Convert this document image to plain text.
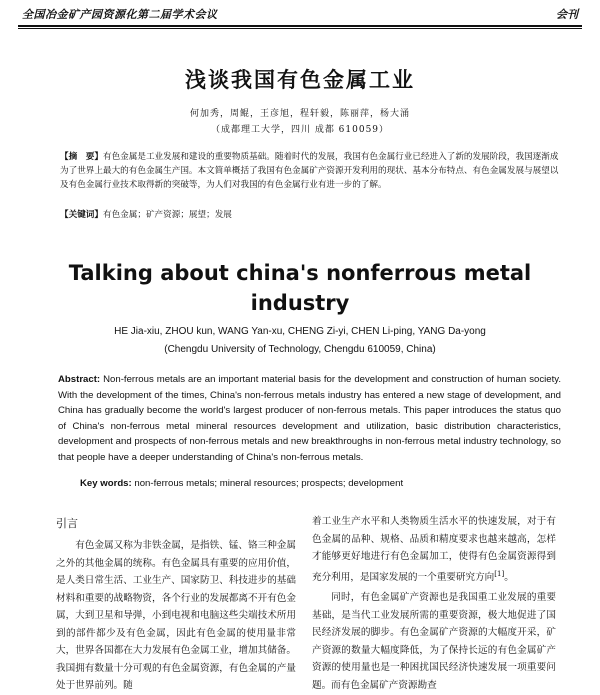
全国冶金矿产园资源化第二届学术会议	会刊
浅谈我国有色金属工业
何加秀，周鲲，王彦旭，程轩毅，陈丽萍，杨大涌
（成都理工大学，四川 成都 610059）
【摘　要】有色金属是工业发展和建设的重要物质基础。随着时代的发展，我国有色金属行业已经进入了新的发展阶段，我国逐渐成为了世界上最大的有色金属生产国。本文简单概括了我国有色金属矿产资源开发利用的现状、基本分布特点、有色金属发展与展望以及有色金属行业技术取得新的突破等，为人们对我国的有色金属行业有进一步的了解。
【关键词】有色金属；矿产资源；展望；发展
Talking about china's nonferrous metal industry
HE Jia-xiu, ZHOU kun, WANG Yan-xu, CHENG Zi-yi, CHEN Li-ping, YANG Da-yong
(Chengdu University of Technology, Chengdu 610059, China)
Abstract: Non-ferrous metals are an important material basis for the development and construction of human society. With the development of the times, China's non-ferrous metals industry has entered a new stage of development, and China has gradually become the world's largest producer of non-ferrous metals. This paper introduces the status quo of China's non-ferrous metal mineral resources development and utilization, basic distribution characteristics, development and prospects of non-ferrous metals and new breakthroughs in non-ferrous metal industry technology, so that people have a deeper understanding of China's non-ferrous metals.
Key words: non-ferrous metals; mineral resources; prospects; development
引言

有色金属又称为非铁金属，是指铁、锰、铬三种金属之外的其他金属的统称。有色金属具有重要的应用价值，是人类日常生活、工业生产、国家防卫、科技进步的基础材料和重要的战略物资，各个行业的发展都离不开有色金属，大到卫星和导弹，小到电视和电脑这些尖端技术所用到的部件都少及有色金属，因此有色金属的使用量非常大，世界各国都在大力发展有色金属工业，增加其储备。我国拥有数量十分可观的有色金属资源，有色金属的产量处于世界前列。随

着工业生产水平和人类物质生活水平的快速发展，对于有色金属的品种、规格、品质和精度要求也越来越高，怎样才能够更好地进行有色金属加工，使得有色金属资源得到充分利用，是国家发展的一个重要研究方向[1]。

同时，有色金属矿产资源也是我国重工业发展的重要基础，是当代工业发展所需的重要资源，极大地促进了国民经济发展的脚步。有色金属矿产资源的大幅度开采，矿产资源的数量大幅度降低，为了保持长远的有色金属矿产资源的使用量也是一种困扰国民经济快速发展一项重要问题。而有色金属矿产资源勘查
